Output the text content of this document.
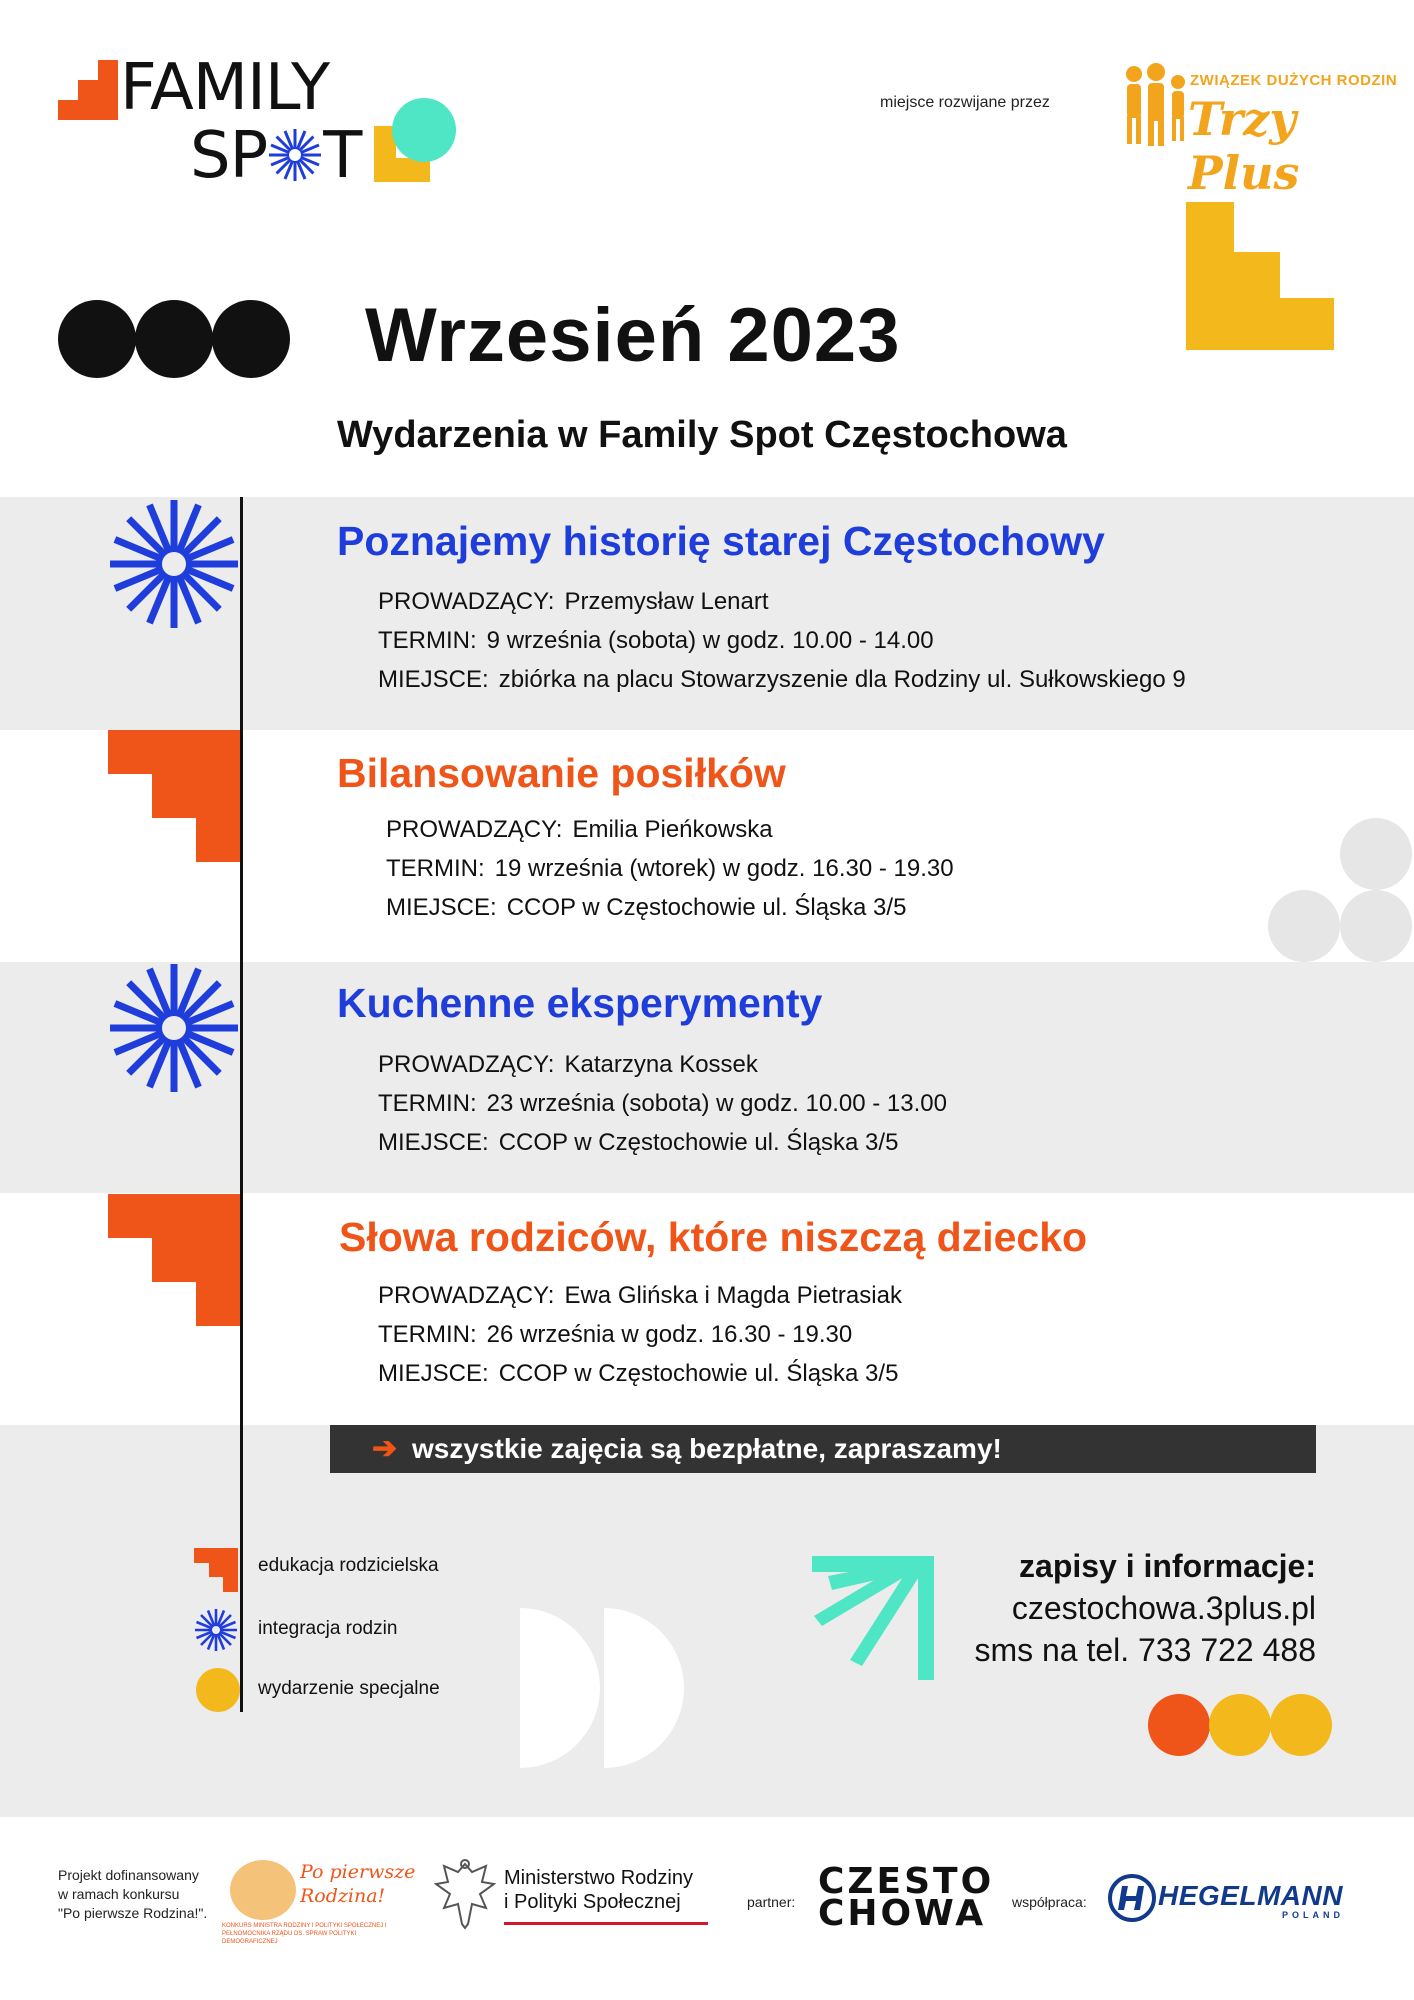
FAMILY
SP T
miejsce rozwijane przez
ZWIĄZEK DUŻYCH RODZIN
Trzy Plus
Wrzesień 2023
Wydarzenia w Family Spot Częstochowa
Poznajemy historię starej Częstochowy
PROWADZĄCY: Przemysław Lenart
TERMIN: 9 września (sobota) w godz. 10.00 - 14.00
MIEJSCE: zbiórka na placu Stowarzyszenie dla Rodziny ul. Sułkowskiego 9
Bilansowanie posiłków
PROWADZĄCY: Emilia Pieńkowska
TERMIN: 19 września (wtorek) w godz. 16.30 - 19.30
MIEJSCE: CCOP w Częstochowie ul. Śląska 3/5
Kuchenne eksperymenty
PROWADZĄCY: Katarzyna Kossek
TERMIN: 23 września (sobota) w godz. 10.00 - 13.00
MIEJSCE: CCOP w Częstochowie ul. Śląska 3/5
Słowa rodziców, które niszczą dziecko
PROWADZĄCY: Ewa Glińska i Magda Pietrasiak
TERMIN: 26 września w godz. 16.30 - 19.30
MIEJSCE: CCOP w Częstochowie ul. Śląska 3/5
➔ wszystkie zajęcia są bezpłatne, zapraszamy!
edukacja rodzicielska
integracja rodzin
wydarzenie specjalne
zapisy i informacje:
czestochowa.3plus.pl
sms na tel. 733 722 488
Projekt dofinansowany
w ramach konkursu
"Po pierwsze Rodzina!".
Po pierwsze
Rodzina!
KONKURS MINISTRA RODZINY I POLITYKI SPOŁECZNEJ I PEŁNOMOCNIKA RZĄDU DS. SPRAW POLITYKI DEMOGRAFICZNEJ
Ministerstwo Rodziny
i Polityki Społecznej	partner: CZESTO
CHOWA	współpraca:	HEGELMANN
POLAND
